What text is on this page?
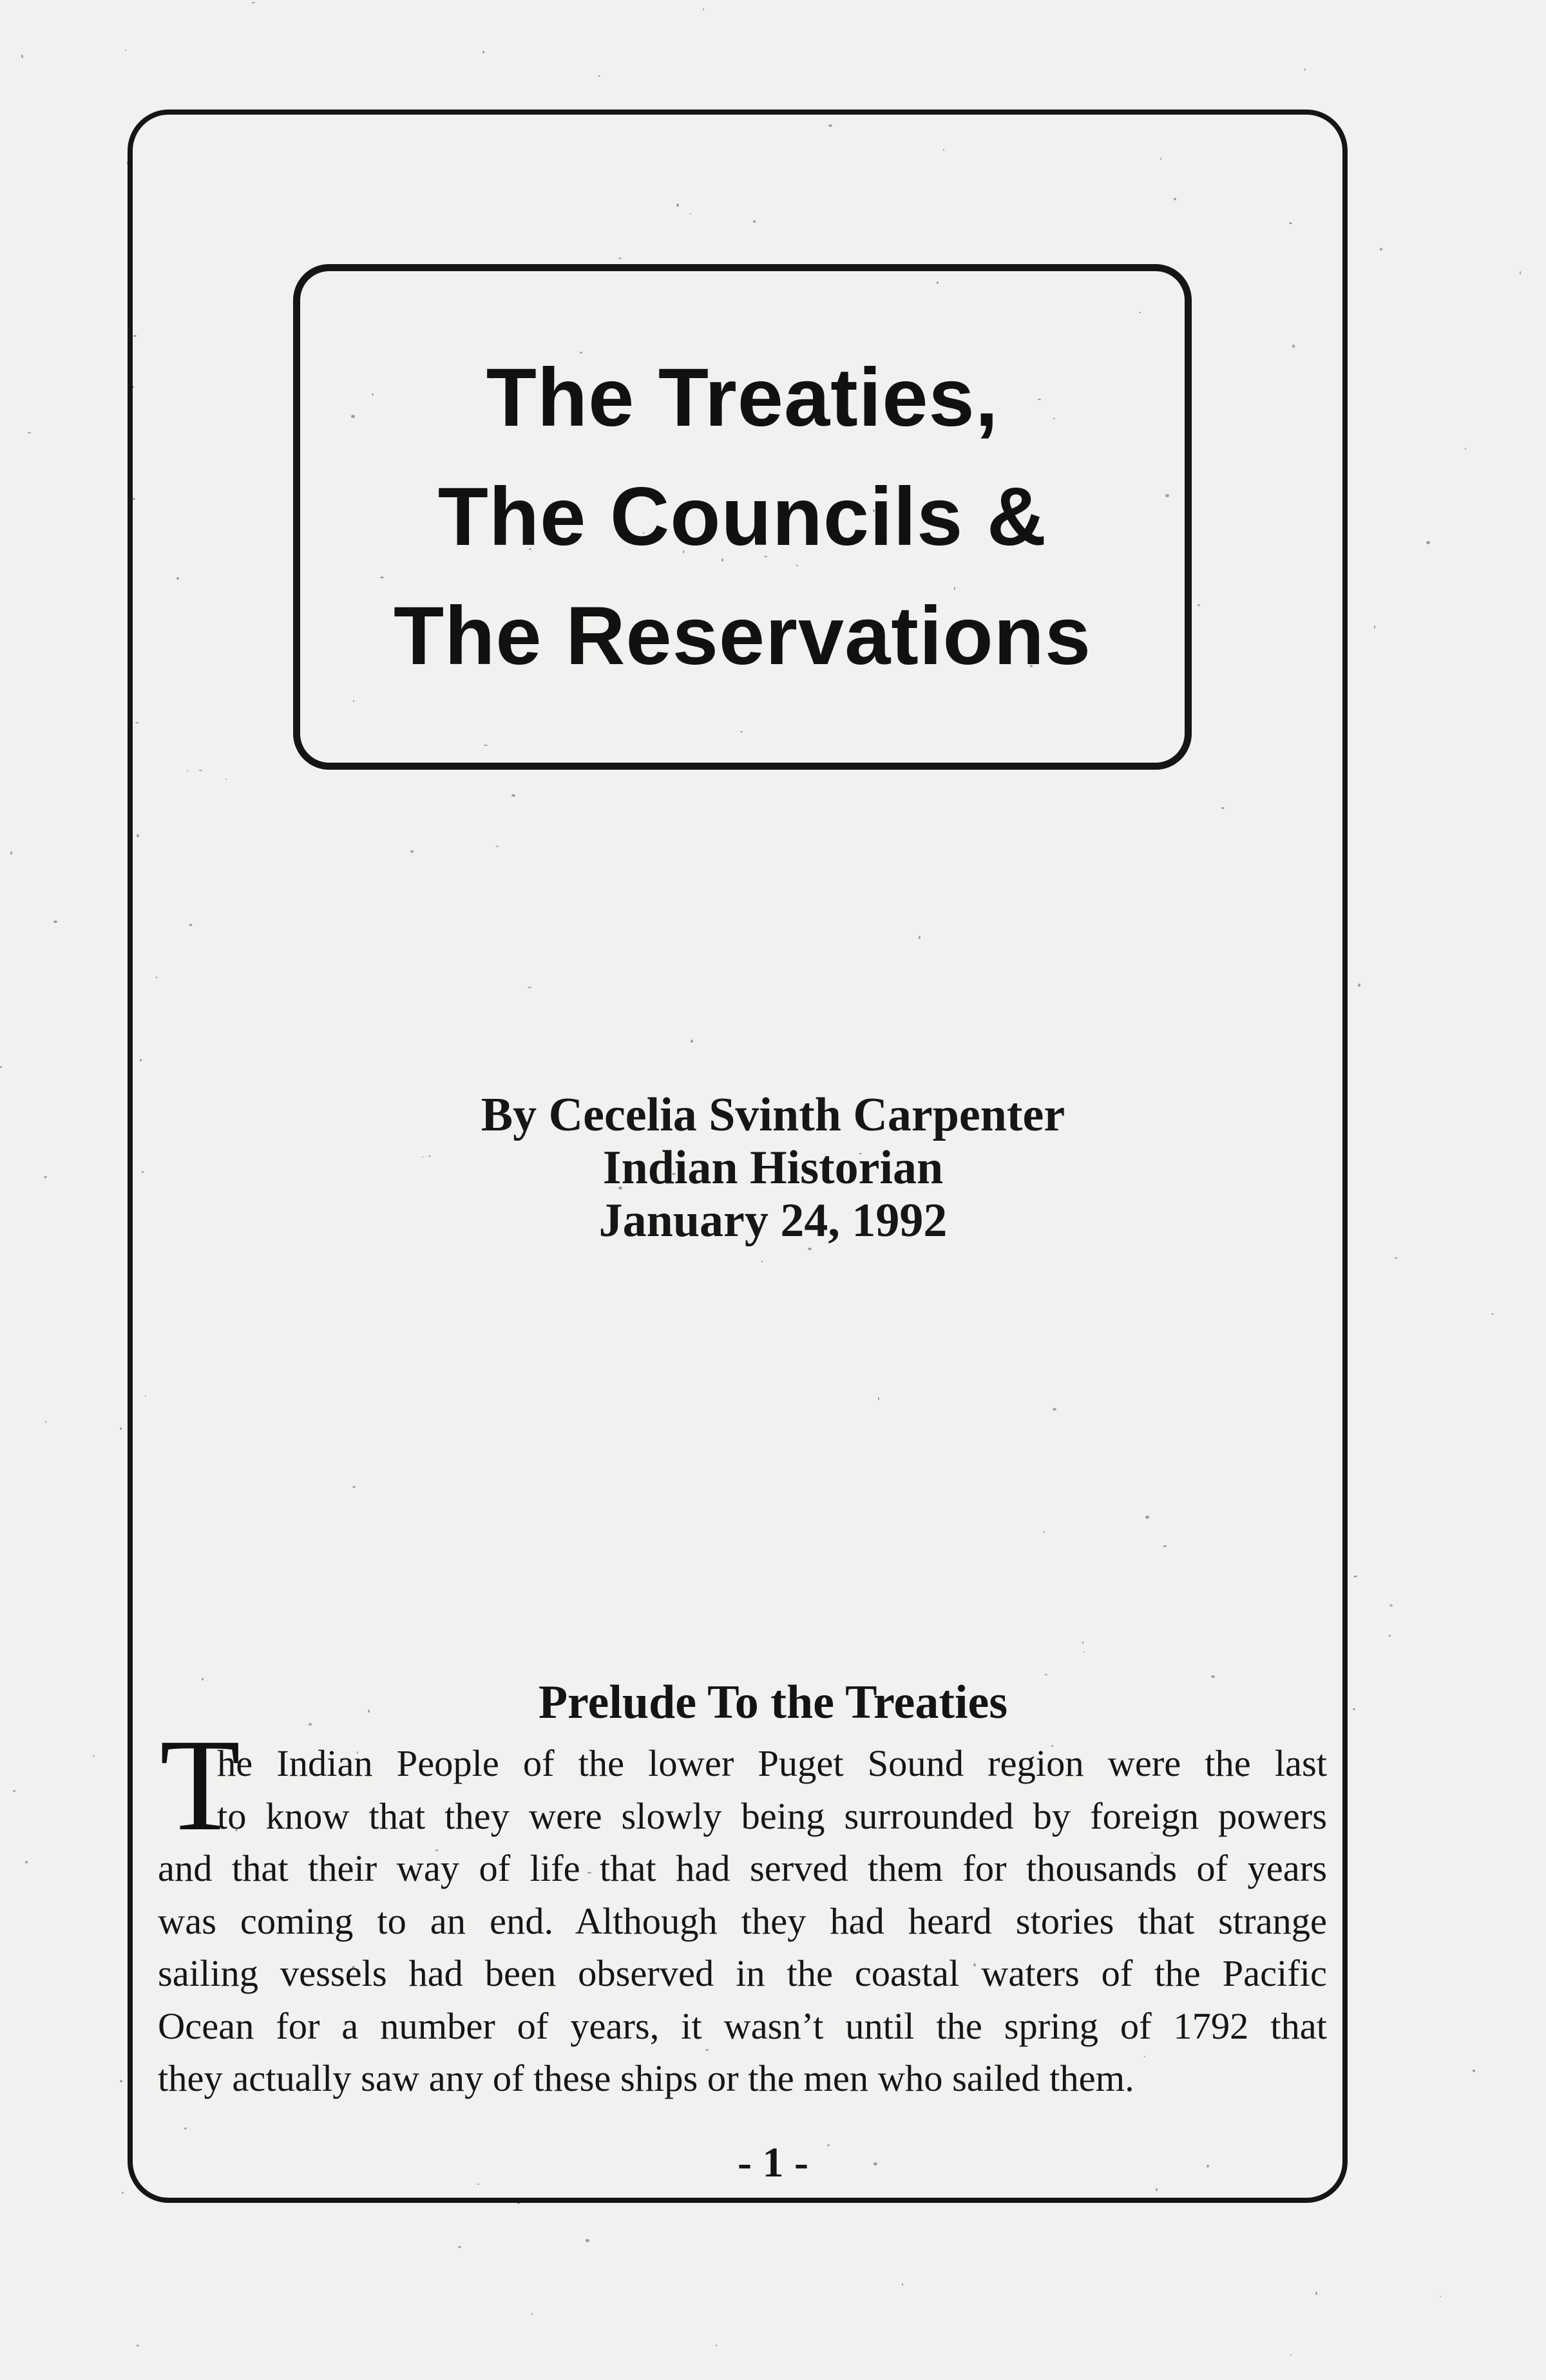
The Treaties,
The Councils &
The Reservations
By Cecelia Svinth Carpenter
Indian Historian
January 24, 1992
Prelude To the Treaties
T
he Indian People of the lower Puget Sound region were the last
to know that they were slowly being surrounded by foreign powers
and that their way of life that had served them for thousands of years
was coming to an end. Although they had heard stories that strange
sailing vessels had been observed in the coastal waters of the Pacific
Ocean for a number of years, it wasn’t until the spring of 1792 that
they actually saw any of these ships or the men who sailed them.
- 1 -
